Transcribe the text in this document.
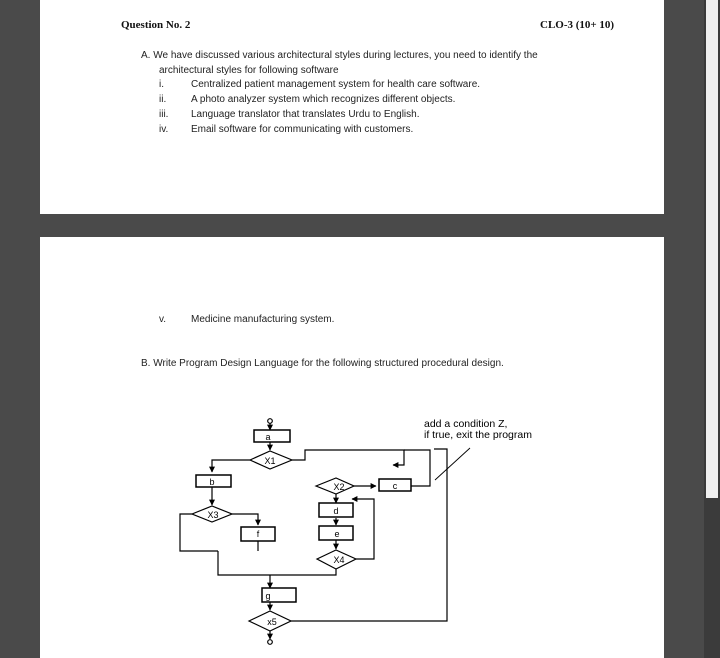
Question No. 2	CLO-3 (10+ 10)
A. We have discussed various architectural styles during lectures, you need to identify the
architectural styles for following software
i.	Centralized patient management system for health care software.
ii. A photo analyzer system which recognizes different objects.
iii. Language translator that translates Urdu to English.
iv. Email software for communicating with customers.
v. Medicine manufacturing system.
B. Write Program Design Language for the following structured procedural design.
a
b	c
d
f	e
g
X1
X2
X3
X4
x5
add a condition Z,
if true, exit the program
